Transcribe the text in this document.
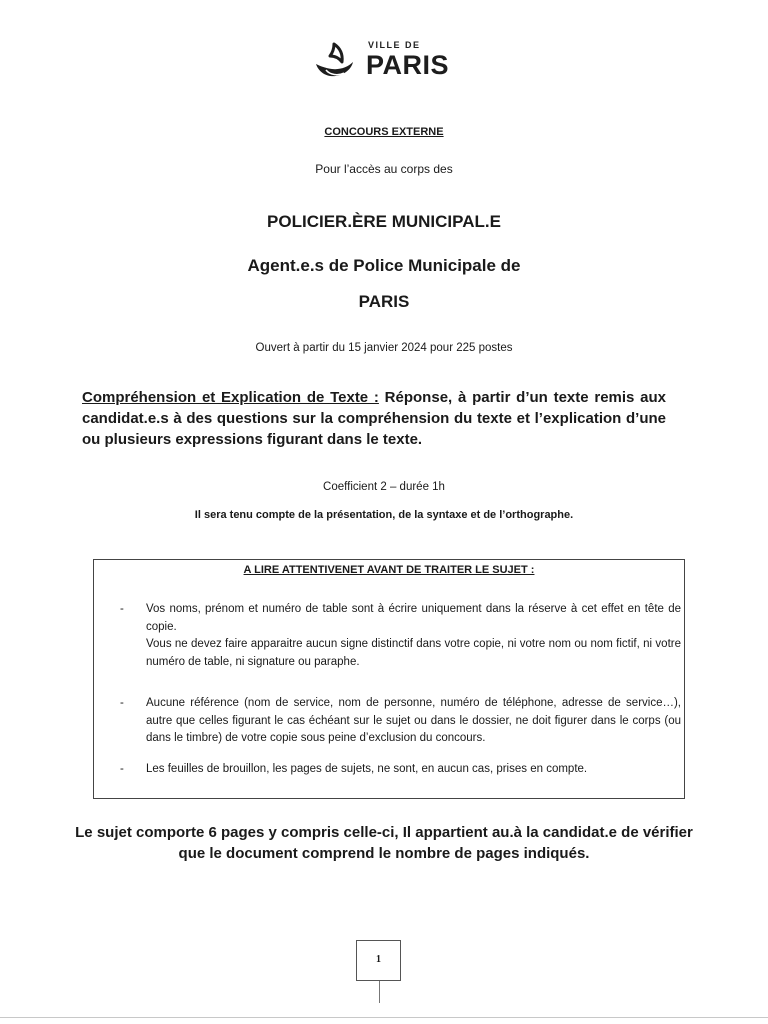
VILLE DE
PARIS
CONCOURS EXTERNE
Pour l’accès au corps des
POLICIER.ÈRE MUNICIPAL.E
Agent.e.s de Police Municipale de
PARIS
Ouvert à partir du 15 janvier 2024 pour 225 postes
Compréhension et Explication de Texte : Réponse, à partir d’un texte remis aux candidat.e.s à des questions sur la compréhension du texte et l’explication d’une ou plusieurs expressions figurant dans le texte.
Coefficient 2 – durée 1h
Il sera tenu compte de la présentation, de la syntaxe et de l’orthographe.
A LIRE ATTENTIVENET AVANT DE TRAITER LE SUJET :
- Vos noms, prénom et numéro de table sont à écrire uniquement dans la réserve à cet effet en tête de copie.
Vous ne devez faire apparaitre aucun signe distinctif dans votre copie, ni votre nom ou nom fictif, ni votre numéro de table, ni signature ou paraphe.
- Aucune référence (nom de service, nom de personne, numéro de téléphone, adresse de service…), autre que celles figurant le cas échéant sur le sujet ou dans le dossier, ne doit figurer dans le corps (ou dans le timbre) de votre copie sous peine d’exclusion du concours.
- Les feuilles de brouillon, les pages de sujets, ne sont, en aucun cas, prises en compte.
Le sujet comporte 6 pages y compris celle-ci, Il appartient au.à la candidat.e de vérifier que le document comprend le nombre de pages indiqués.
1
